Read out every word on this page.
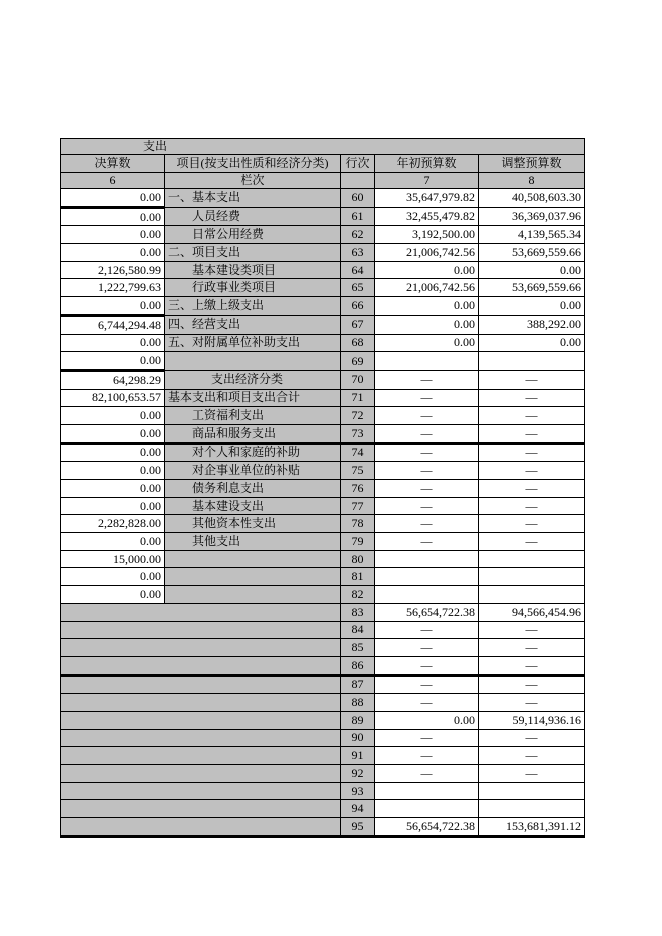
支出				
决算数	项目(按支出性质和经济分类)	行次	年初预算数	调整预算数
6	栏次		7	8
0.00	一、基本支出	60	35,647,979.82	40,508,603.30
0.00	人员经费	61	32,455,479.82	36,369,037.96
0.00	日常公用经费	62	3,192,500.00	4,139,565.34
0.00	二、项目支出	63	21,006,742.56	53,669,559.66
2,126,580.99	基本建设类项目	64	0.00	0.00
1,222,799.63	行政事业类项目	65	21,006,742.56	53,669,559.66
0.00	三、上缴上级支出	66	0.00	0.00
6,744,294.48	四、经营支出	67	0.00	388,292.00
0.00	五、对附属单位补助支出	68	0.00	0.00
0.00		69		
64,298.29	支出经济分类	70	—	—
82,100,653.57	基本支出和项目支出合计	71	—	—
0.00	工资福利支出	72	—	—
0.00	商品和服务支出	73	—	—
0.00	对个人和家庭的补助	74	—	—
0.00	对企事业单位的补贴	75	—	—
0.00	债务利息支出	76	—	—
0.00	基本建设支出	77	—	—
2,282,828.00	其他资本性支出	78	—	—
0.00	其他支出	79	—	—
15,000.00		80		
0.00		81		
0.00		82		
		83	56,654,722.38	94,566,454.96
		84	—	—
		85	—	—
		86	—	—
		87	—	—
		88	—	—
		89	0.00	59,114,936.16
		90	—	—
		91	—	—
		92	—	—
		93		
		94		
		95	56,654,722.38	153,681,391.12
